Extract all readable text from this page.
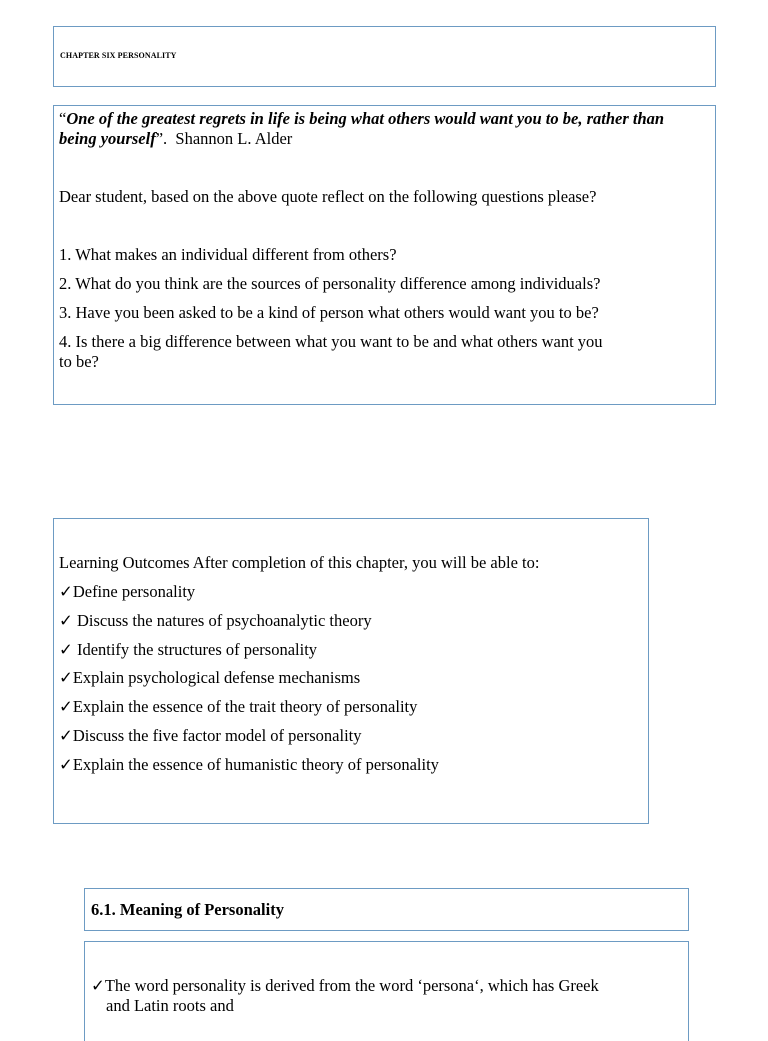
CHAPTER SIX PERSONALITY

“One of the greatest regrets in life is being what others would want you to be, rather than being yourself”. Shannon L. Alder

Dear student, based on the above quote reflect on the following questions please?

1. What makes an individual different from others?

2. What do you think are the sources of personality difference among individuals?

3. Have you been asked to be a kind of person what others would want you to be?

4. Is there a big difference between what you want to be and what others want you

to be?

Learning Outcomes After completion of this chapter, you will be able to:

✓Define personality

✓ Discuss the natures of psychoanalytic theory

✓ Identify the structures of personality

✓Explain psychological defense mechanisms

✓Explain the essence of the trait theory of personality

✓Discuss the five factor model of personality

✓Explain the essence of humanistic theory of personality

6.1. Meaning of Personality

✓The word personality is derived from the word ‘persona‘, which has Greek

and Latin roots and
